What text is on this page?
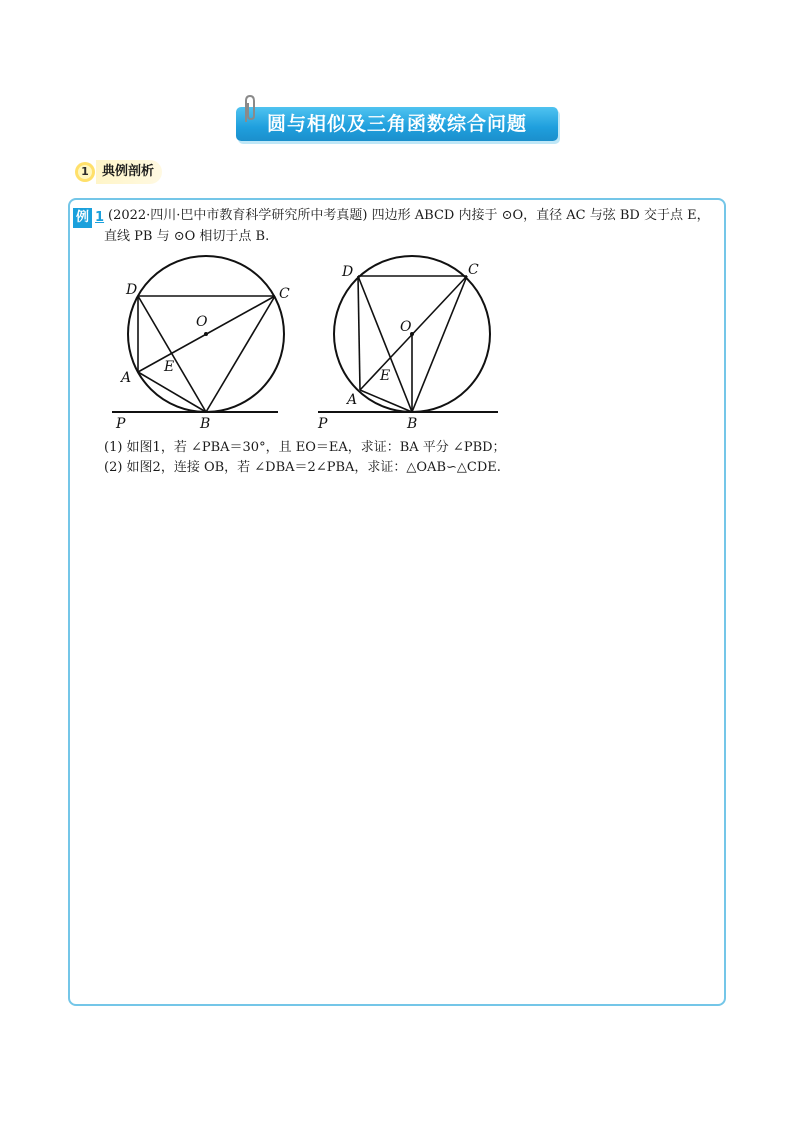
圆与相似及三角函数综合问题
1	典例剖析
例 1 (2022·四川·巴中市教育科学研究所中考真题) 四边形 ABCD 内接于 ⊙O，直径 AC 与弦 BD 交于点 E，
直线 PB 与 ⊙O 相切于点 B.
D	C
O
E
A
P	B
D	C
O
E
A
P	B
(1) 如图1，若 ∠PBA＝30°，且 EO＝EA，求证：BA 平分 ∠PBD；
(2) 如图2，连接 OB，若 ∠DBA＝2∠PBA，求证：△OAB∽△CDE.
